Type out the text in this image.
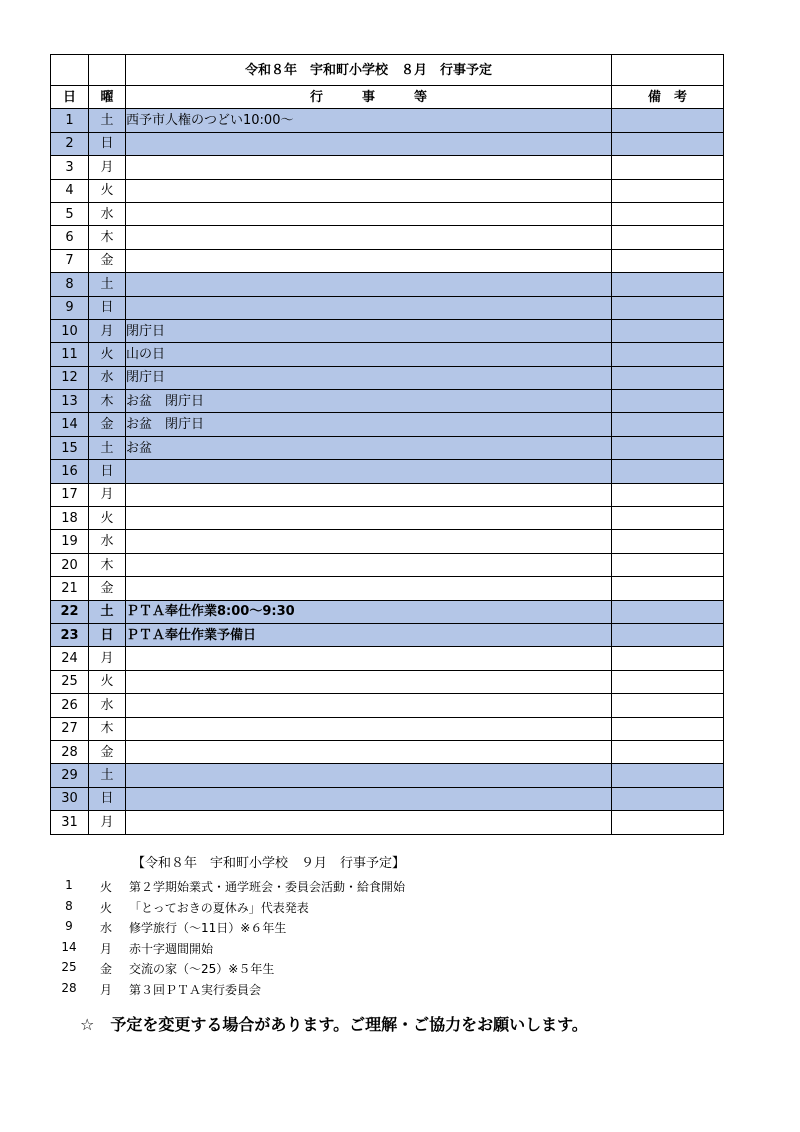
		令和８年　宇和町小学校　８月　行事予定	
日	曜	行　　　事　　　等	備　考
1	土	西予市人権のつどい10:00～	
2	日		
3	月		
4	火		
5	水		
6	木		
7	金		
8	土		
9	日		
10	月	閉庁日	
11	火	山の日	
12	水	閉庁日	
13	木	お盆　閉庁日	
14	金	お盆　閉庁日	
15	土	お盆	
16	日		
17	月		
18	火		
19	水		
20	木		
21	金		
22	土	ＰＴＡ奉仕作業8:00～9:30	
23	日	ＰＴＡ奉仕作業予備日	
24	月		
25	火		
26	水		
27	木		
28	金		
29	土		
30	日		
31	月		
【令和８年　宇和町小学校　９月　行事予定】
1	火 第２学期始業式・通学班会・委員会活動・給食開始
8	火 「とっておきの夏休み」代表発表
9	水 修学旅行（～11日）※６年生
14	月 赤十字週間開始
25	金 交流の家（～25）※５年生
28	月 第３回ＰＴＡ実行委員会
☆　予定を変更する場合があります。ご理解・ご協力をお願いします。
